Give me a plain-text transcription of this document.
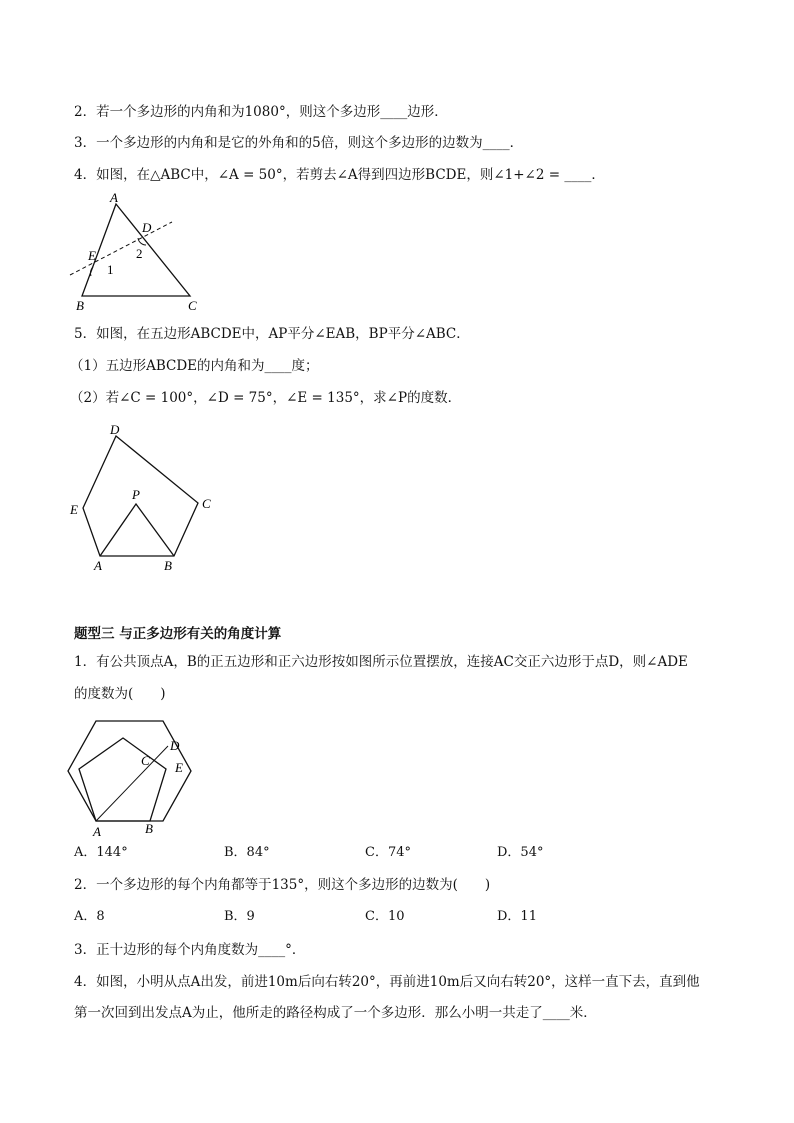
2．若一个多边形的内角和为1080°，则这个多边形____边形．
3．一个多边形的内角和是它的外角和的5倍，则这个多边形的边数为____．
4．如图，在△ABC中，∠A = 50°，若剪去∠A得到四边形BCDE，则∠1+∠2 = ____．
A
D
E	2
1
B	C
5．如图，在五边形ABCDE中，AP平分∠EAB，BP平分∠ABC．
（1）五边形ABCDE的内角和为____度；
（2）若∠C = 100°，∠D = 75°，∠E = 135°，求∠P的度数．
D
P
C
E
A	B
题型三 与正多边形有关的角度计算
1．有公共顶点A，B的正五边形和正六边形按如图所示位置摆放，连接AC交正六边形于点D，则∠ADE
的度数为(　　)
D
C E
A	B
A．144°	B．84°	C．74°	D．54°
2．一个多边形的每个内角都等于135°，则这个多边形的边数为(　　)
A．8	B．9	C．10	D．11
3．正十边形的每个内角度数为____°．
4．如图，小明从点A出发，前进10m后向右转20°，再前进10m后又向右转20°，这样一直下去，直到他
第一次回到出发点A为止，他所走的路径构成了一个多边形．那么小明一共走了____米．
